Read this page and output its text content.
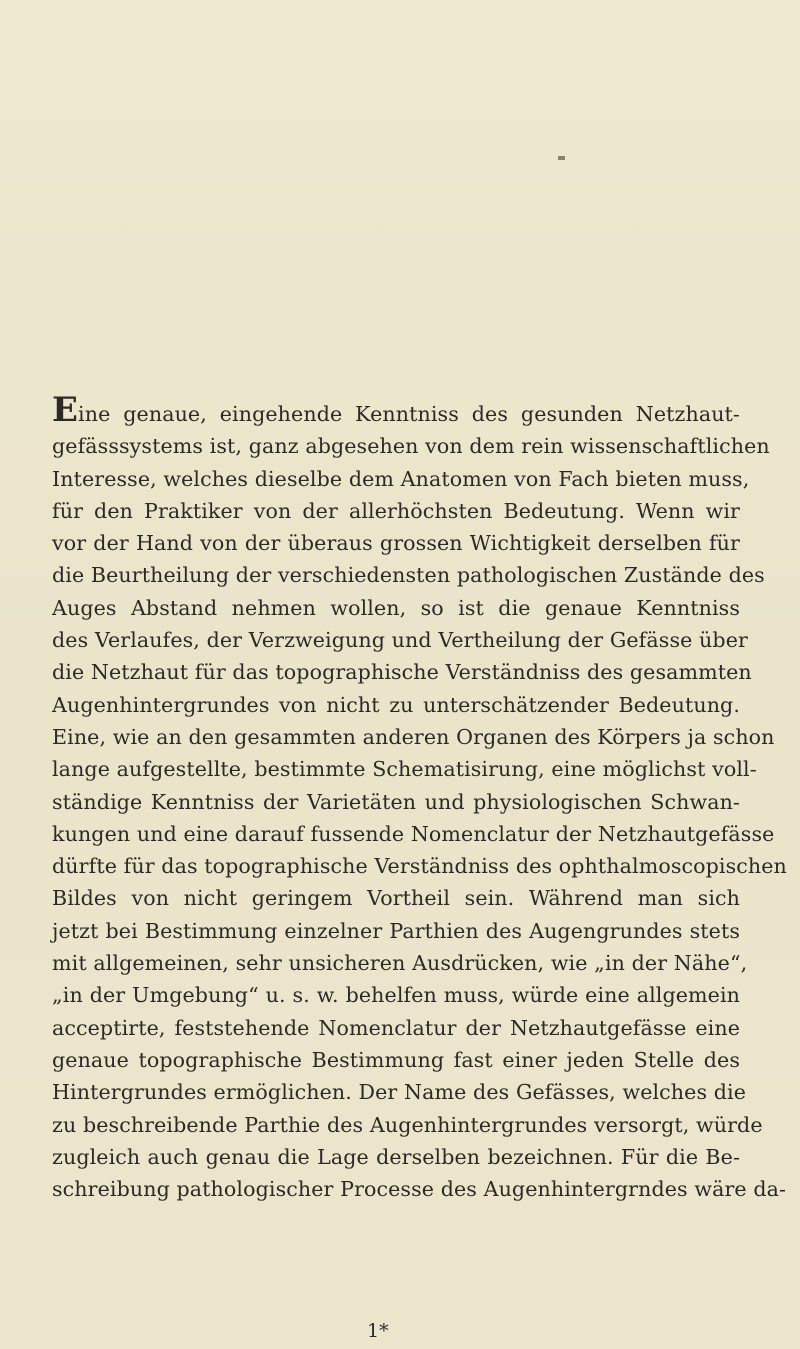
Eine genaue, eingehende Kenntniss des gesunden Netzhaut-
gefässsystems ist, ganz abgesehen von dem rein wissenschaftlichen
Interesse, welches dieselbe dem Anatomen von Fach bieten muss,
für den Praktiker von der allerhöchsten Bedeutung. Wenn wir
vor der Hand von der überaus grossen Wichtigkeit derselben für
die Beurtheilung der verschiedensten pathologischen Zustände des
Auges Abstand nehmen wollen, so ist die genaue Kenntniss
des Verlaufes, der Verzweigung und Vertheilung der Gefässe über
die Netzhaut für das topographische Verständniss des gesammten
Augenhintergrundes von nicht zu unterschätzender Bedeutung.
Eine, wie an den gesammten anderen Organen des Körpers ja schon
lange aufgestellte, bestimmte Schematisirung, eine möglichst voll-
ständige Kenntniss der Varietäten und physiologischen Schwan-
kungen und eine darauf fussende Nomenclatur der Netzhautgefässe
dürfte für das topographische Verständniss des ophthalmoscopischen
Bildes von nicht geringem Vortheil sein. Während man sich
jetzt bei Bestimmung einzelner Parthien des Augengrundes stets
mit allgemeinen, sehr unsicheren Ausdrücken, wie „in der Nähe“,
„in der Umgebung“ u. s. w. behelfen muss, würde eine allgemein
acceptirte, feststehende Nomenclatur der Netzhautgefässe eine
genaue topographische Bestimmung fast einer jeden Stelle des
Hintergrundes ermöglichen. Der Name des Gefässes, welches die
zu beschreibende Parthie des Augenhintergrundes versorgt, würde
zugleich auch genau die Lage derselben bezeichnen. Für die Be-
schreibung pathologischer Processe des Augenhintergrndes wäre da-
1*
